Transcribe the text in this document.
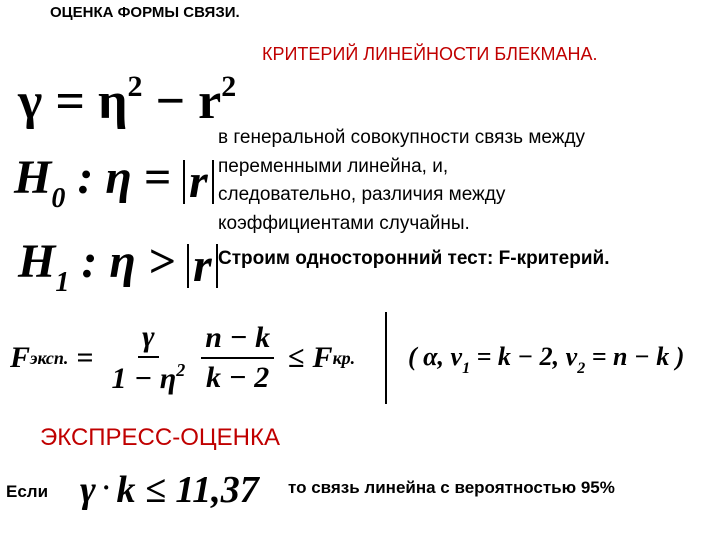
ОЦЕНКА ФОРМЫ СВЯЗИ.
КРИТЕРИЙ ЛИНЕЙНОСТИ БЛЕКМАНА.
$\gamma = \eta^2 - r^2$
$H_0$ : η = r
$H_1$ : η > r
в генеральной совокупности связь между
переменными линейна, и,
следовательно, различия между
коэффициентами случайны.
Строим односторонний тест: F-критерий.
F эксп. = $\frac{\gamma}{1 - \eta^2} \frac{n - k}{k - 2} \le F$ кр. ( α, $\nu_1 = k - 2$, $\nu_2 = n - k$ )
ЭКСПРЕСС-ОЦЕНКА
Если γ · k ≤ 11,37 то связь линейна с вероятностью 95%
